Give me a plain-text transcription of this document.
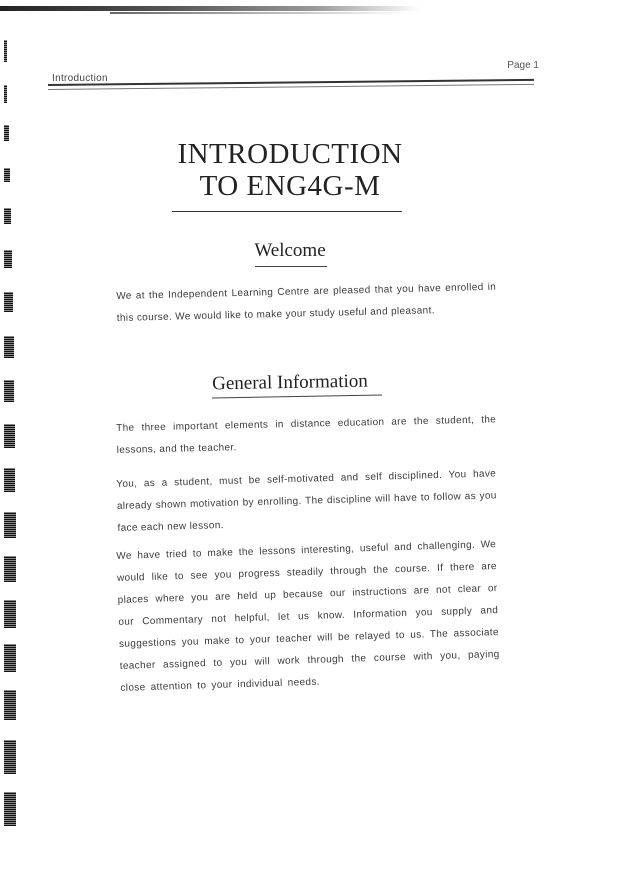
Introduction
Page 1
INTRODUCTION
TO ENG4G-M
Welcome

We at the Independent Learning Centre are pleased that you have enrolled in this course. We would like to make your study useful and pleasant.

General Information

The three important elements in distance education are the student, the lessons, and the teacher.

You, as a student, must be self-motivated and self disciplined. You have already shown motivation by enrolling. The discipline will have to follow as you face each new lesson.

We have tried to make the lessons interesting, useful and challenging. We would like to see you progress steadily through the course. If there are places where you are held up because our instructions are not clear or our Commentary not helpful, let us know. Information you supply and suggestions you make to your teacher will be relayed to us. The associate teacher assigned to you will work through the course with you, paying close attention to your individual needs.
